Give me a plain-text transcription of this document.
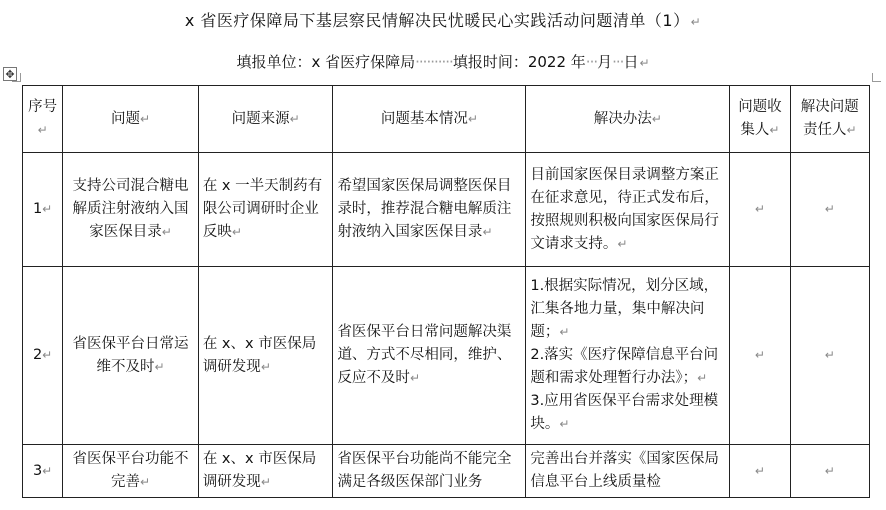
x 省医疗保障局下基层察民情解决民忧暖民心实践活动问题清单（1）↵
填报单位：x 省医疗保障局··········填报时间：2022 年···月···日↵
✥
序号↵	问题↵	问题来源↵	问题基本情况↵	解决办法↵	问题收集人↵	解决问题责任人↵
1↵	支持公司混合糖电解质注射液纳入国家医保目录↵	在 x 一半天制药有限公司调研时企业反映↵	希望国家医保局调整医保目录时，推荐混合糖电解质注射液纳入国家医保目录↵	目前国家医保目录调整方案正在征求意见，待正式发布后，按照规则积极向国家医保局行文请求支持。↵	↵	↵
2↵	省医保平台日常运维不及时↵	在 x、x 市医保局调研发现↵	省医保平台日常问题解决渠道、方式不尽相同，维护、反应不及时↵	1.根据实际情况，划分区域，汇集各地力量，集中解决问题；↵
2.落实《医疗保障信息平台问题和需求处理暂行办法》；↵
3.应用省医保平台需求处理模块。↵	↵	↵
3↵	省医保平台功能不完善↵	在 x、x 市医保局调研发现↵	省医保平台功能尚不能完全满足各级医保部门业务	完善出台并落实《国家医保局信息平台上线质量检	↵	↵
